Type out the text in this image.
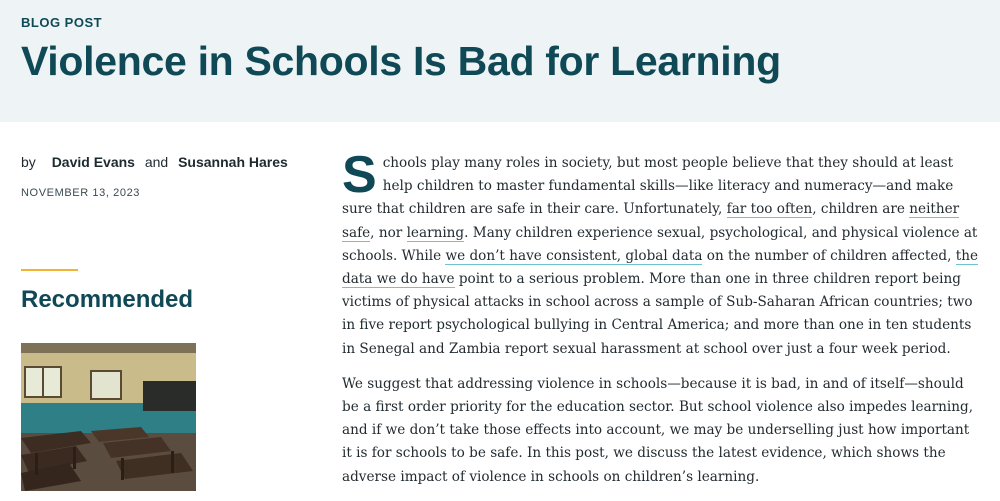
BLOG POST
Violence in Schools Is Bad for Learning
by David Evans and Susannah Hares
NOVEMBER 13, 2023
Recommended

Schools play many roles in society, but most people believe that they should at least help children to master fundamental skills—like literacy and numeracy—and make sure that children are safe in their care. Unfortunately, far too often, children are neither safe, nor learning. Many children experience sexual, psychological, and physical violence at schools. While we don’t have consistent, global data on the number of children affected, the data we do have point to a serious problem. More than one in three children report being victims of physical attacks in school across a sample of Sub-Saharan African countries; two in five report psychological bullying in Central America; and more than one in ten students in Senegal and Zambia report sexual harassment at school over just a four week period.

We suggest that addressing violence in schools—because it is bad, in and of itself—should be a first order priority for the education sector. But school violence also impedes learning, and if we don’t take those effects into account, we may be underselling just how important it is for schools to be safe. In this post, we discuss the latest evidence, which shows the adverse impact of violence in schools on children’s learning.
